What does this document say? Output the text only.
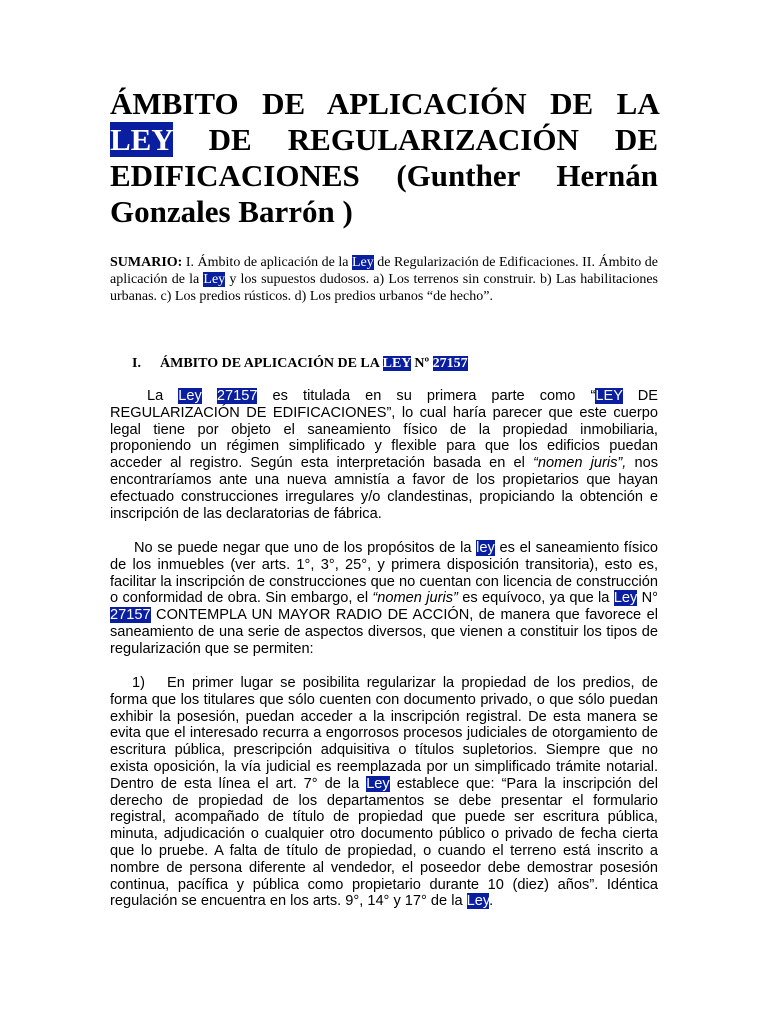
ÁMBITO DE APLICACIÓN DE LA LEY DE REGULARIZACIÓN DE EDIFICACIONES (Gunther Hernán
Gonzales Barrón )

SUMARIO: I. Ámbito de aplicación de la Ley de Regularización de Edificaciones. II. Ámbito de aplicación de la Ley y los supuestos dudosos. a) Los terrenos sin construir. b) Las habilitaciones urbanas. c) Los predios rústicos. d) Los predios urbanos “de hecho”.

I. ÁMBITO DE APLICACIÓN DE LA LEY Nº 27157

La Ley 27157 es titulada en su primera parte como “LEY DE REGULARIZACIÓN DE EDIFICACIONES”, lo cual haría parecer que este cuerpo legal tiene por objeto el saneamiento físico de la propiedad inmobiliaria, proponiendo un régimen simplificado y flexible para que los edificios puedan acceder al registro. Según esta interpretación basada en el “nomen juris”, nos encontraríamos ante una nueva amnistía a favor de los propietarios que hayan efectuado construcciones irregulares y/o clandestinas, propiciando la obtención e inscripción de las declaratorias de fábrica.

No se puede negar que uno de los propósitos de la ley es el saneamiento físico de los inmuebles (ver arts. 1°, 3°, 25°, y primera disposición transitoria), esto es, facilitar la inscripción de construcciones que no cuentan con licencia de construcción o conformidad de obra. Sin embargo, el “nomen juris” es equívoco, ya que la Ley N° 27157 CONTEMPLA UN MAYOR RADIO DE ACCIÓN, de manera que favorece el saneamiento de una serie de aspectos diversos, que vienen a constituir los tipos de regularización que se permiten:

1) En primer lugar se posibilita regularizar la propiedad de los predios, de forma que los titulares que sólo cuenten con documento privado, o que sólo puedan exhibir la posesión, puedan acceder a la inscripción registral. De esta manera se evita que el interesado recurra a engorrosos procesos judiciales de otorgamiento de escritura pública, prescripción adquisitiva o títulos supletorios. Siempre que no exista oposición, la vía judicial es reemplazada por un simplificado trámite notarial. Dentro de esta línea el art. 7° de la Ley establece que: “Para la inscripción del derecho de propiedad de los departamentos se debe presentar el formulario registral, acompañado de título de propiedad que puede ser escritura pública, minuta, adjudicación o cualquier otro documento público o privado de fecha cierta que lo pruebe. A falta de título de propiedad, o cuando el terreno está inscrito a nombre de persona diferente al vendedor, el poseedor debe demostrar posesión continua, pacífica y pública como propietario durante 10 (diez) años”. Idéntica regulación se encuentra en los arts. 9°, 14° y 17° de la Ley.
